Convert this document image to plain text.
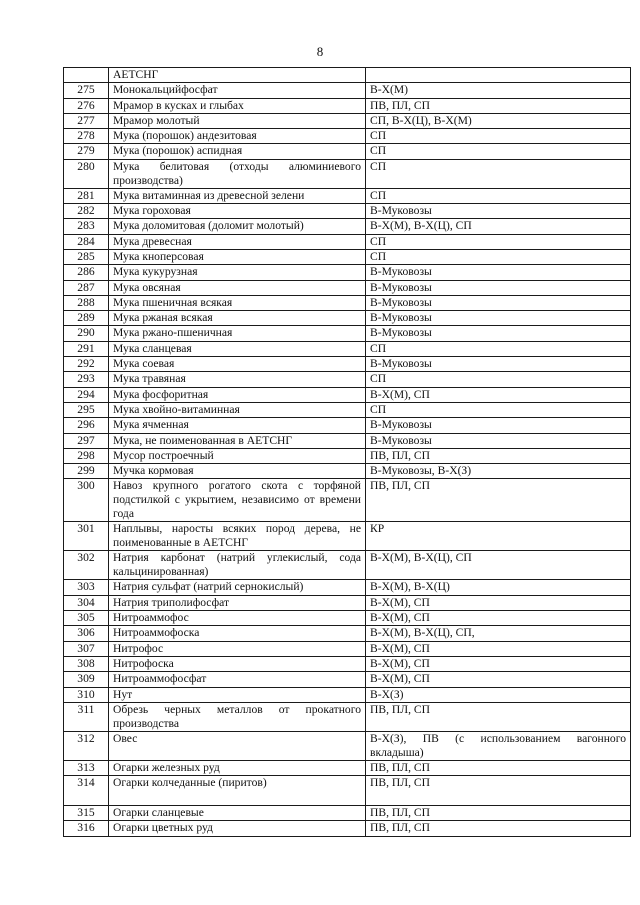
8
	АЕТСНГ	
275	Монокальцийфосфат	В-Х(М)
276	Мрамор в кусках и глыбах	ПВ, ПЛ, СП
277	Мрамор молотый	СП, В-Х(Ц), В-Х(М)
278	Мука (порошок) андезитовая	СП
279	Мука (порошок) аспидная	СП
280	Мука белитовая (отходы алюминиевого производства)	СП
281	Мука витаминная из древесной зелени	СП
282	Мука гороховая	В-Муковозы
283	Мука доломитовая (доломит молотый)	В-Х(М), В-Х(Ц), СП
284	Мука древесная	СП
285	Мука кноперсовая	СП
286	Мука кукурузная	В-Муковозы
287	Мука овсяная	В-Муковозы
288	Мука пшеничная всякая	В-Муковозы
289	Мука ржаная всякая	В-Муковозы
290	Мука ржано-пшеничная	В-Муковозы
291	Мука сланцевая	СП
292	Мука соевая	В-Муковозы
293	Мука травяная	СП
294	Мука фосфоритная	В-Х(М), СП
295	Мука хвойно-витаминная	СП
296	Мука ячменная	В-Муковозы
297	Мука, не поименованная в АЕТСНГ	В-Муковозы
298	Мусор построечный	ПВ, ПЛ, СП
299	Мучка кормовая	В-Муковозы, В-Х(З)
300	Навоз крупного рогатого скота с торфяной подстилкой с укрытием, независимо от времени года	ПВ, ПЛ, СП
301	Наплывы, наросты всяких пород дерева, не поименованные в АЕТСНГ	КР
302	Натрия карбонат (натрий углекислый, сода кальцинированная)	В-Х(М), В-Х(Ц), СП
303	Натрия сульфат (натрий сернокислый)	В-Х(М), В-Х(Ц)
304	Натрия триполифосфат	В-Х(М), СП
305	Нитроаммофос	В-Х(М), СП
306	Нитроаммофоска	В-Х(М), В-Х(Ц), СП,
307	Нитрофос	В-Х(М), СП
308	Нитрофоска	В-Х(М), СП
309	Нитроаммофосфат	В-Х(М), СП
310	Нут	В-Х(З)
311	Обрезь черных металлов от прокатного производства	ПВ, ПЛ, СП
312	Овес	В-Х(З), ПВ (с использованием вагонного вкладыша)
313	Огарки железных руд	ПВ, ПЛ, СП
314	Огарки колчеданные (пиритов)	ПВ, ПЛ, СП
315	Огарки сланцевые	ПВ, ПЛ, СП
316	Огарки цветных руд	ПВ, ПЛ, СП
